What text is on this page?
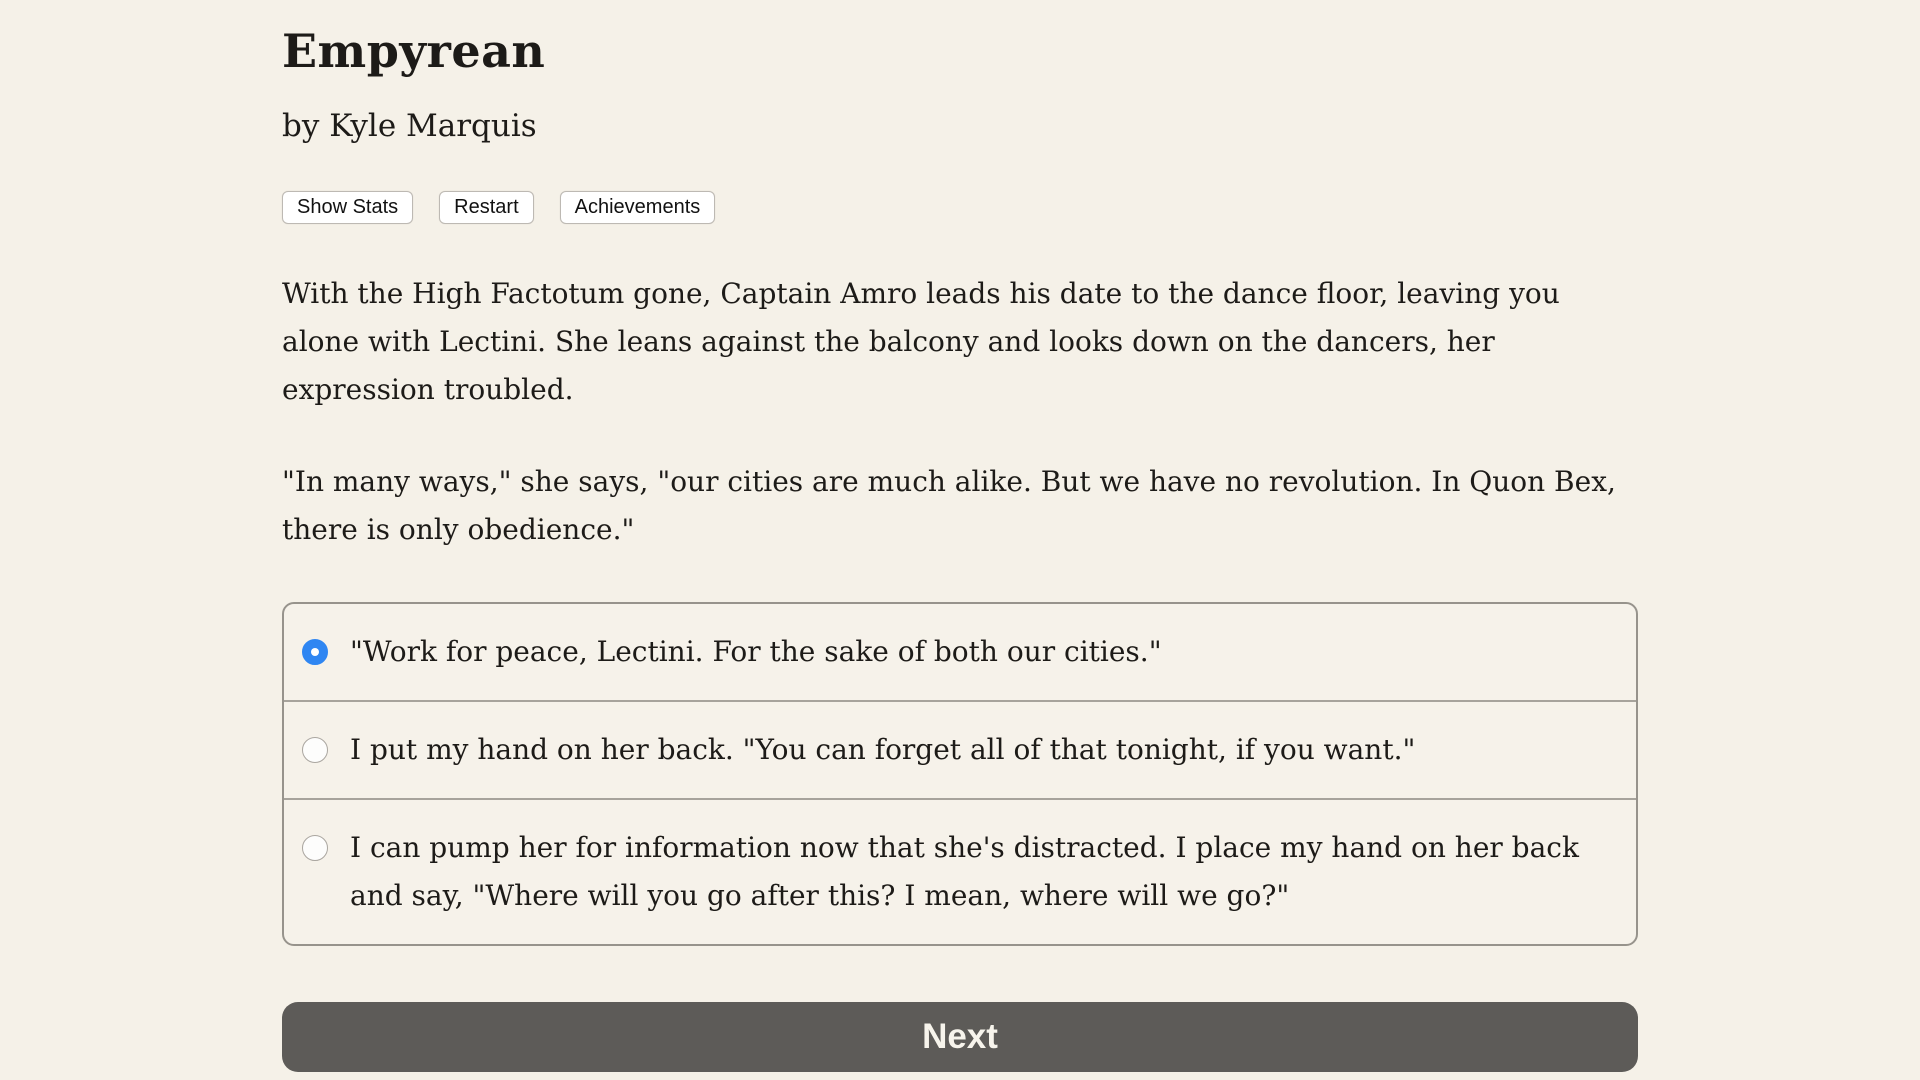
Empyrean

by Kyle Marquis

Show Stats	Restart	Achievements

With the High Factotum gone, Captain Amro leads his date to the dance floor, leaving you alone with Lectini. She leans against the balcony and looks down on the dancers, her expression troubled.

"In many ways," she says, "our cities are much alike. But we have no revolution. In Quon Bex, there is only obedience."

"Work for peace, Lectini. For the sake of both our cities."
I put my hand on her back. "You can forget all of that tonight, if you want."
I can pump her for information now that she's distracted. I place my hand on her back and say, "Where will you go after this? I mean, where will we go?"
Next
